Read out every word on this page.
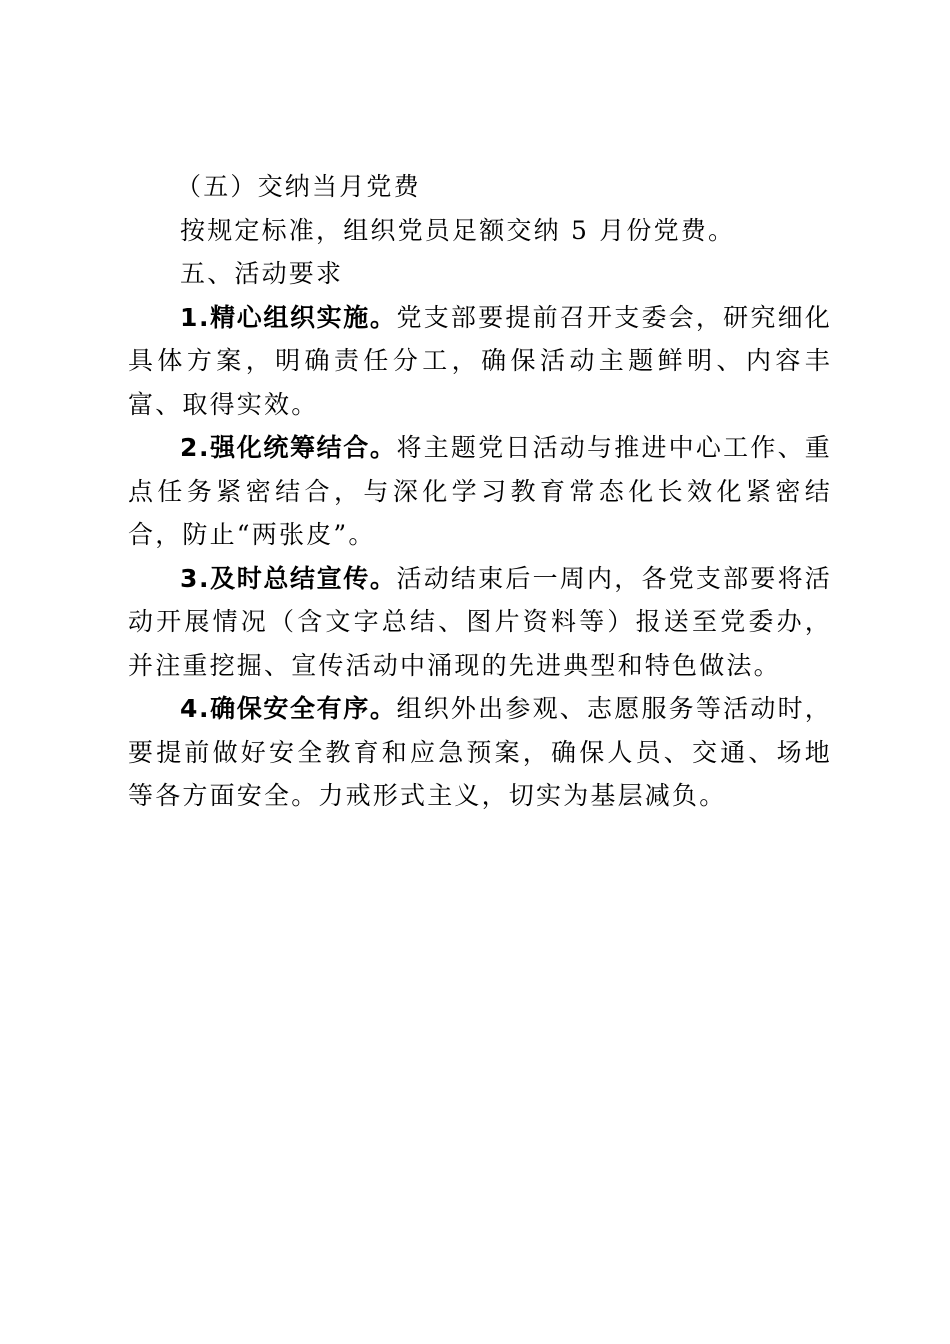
（五）交纳当月党费

按规定标准，组织党员足额交纳 5 月份党费。

五、活动要求

1.精心组织实施。党支部要提前召开支委会，研究细化具体方案，明确责任分工，确保活动主题鲜明、内容丰富、取得实效。

2.强化统筹结合。将主题党日活动与推进中心工作、重点任务紧密结合，与深化学习教育常态化长效化紧密结合，防止“两张皮”。

3.及时总结宣传。活动结束后一周内，各党支部要将活动开展情况（含文字总结、图片资料等）报送至党委办，并注重挖掘、宣传活动中涌现的先进典型和特色做法。

4.确保安全有序。组织外出参观、志愿服务等活动时，要提前做好安全教育和应急预案，确保人员、交通、场地等各方面安全。力戒形式主义，切实为基层减负。
